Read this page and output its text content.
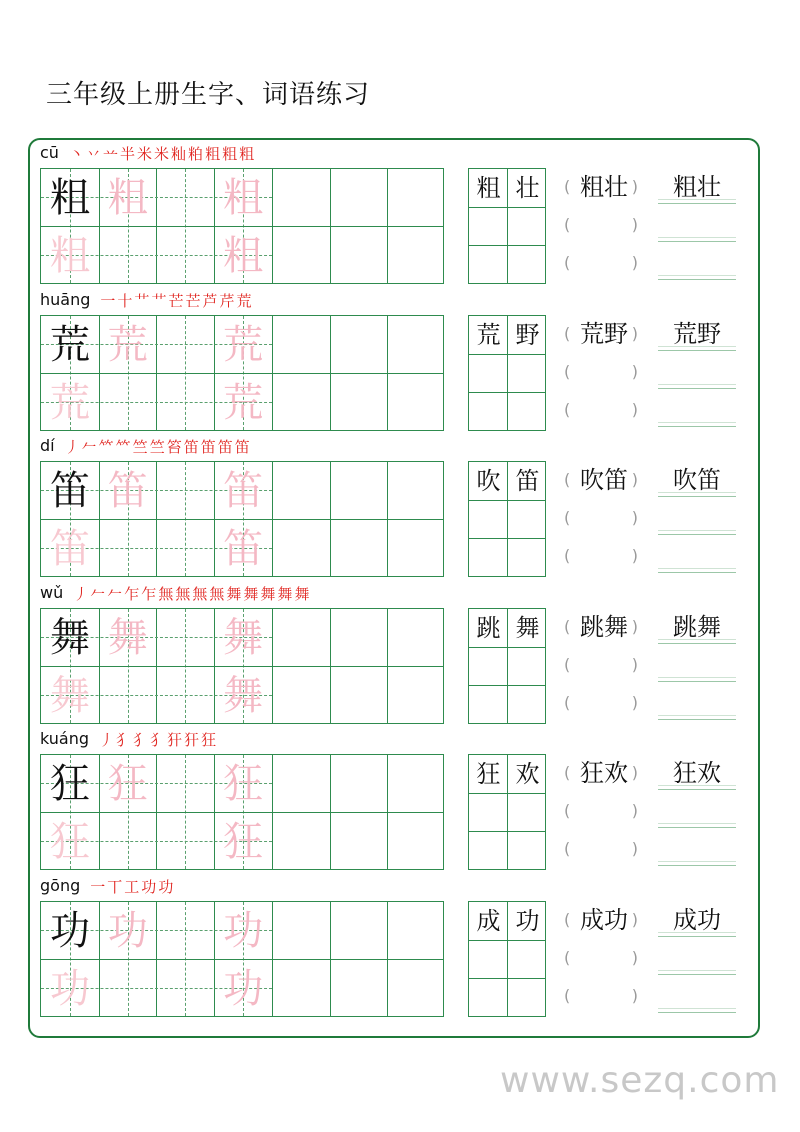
三年级上册生字、词语练习
cū 丶 丷 䒑 半 米 米 籼 粕 粗 粗 粗
粗 粗 粗
粗	粗
粗 壮	( 粗壮 )
(	)
(	)
粗壮
huāng 一 十 艹 艹 芒 芒 芦 芹 荒
荒 荒 荒
荒	荒
荒 野	( 荒野 )
(	)
(	)
荒野
dí 丿 𠂉 𥫗 𥫗 竺 竺 笞 笛 笛 笛 笛
笛 笛 笛
笛	笛
吹 笛	( 吹笛 )
(	)
(	)
吹笛
wǔ 丿 𠂉 𠂉 乍 乍 無 無 無 無 舞 舞 舞 舞 舞
舞 舞 舞
舞	舞
跳 舞	( 跳舞 )
(	)
(	)
跳舞
kuáng 丿 犭 犭 犭 犴 犴 狂
狂 狂 狂
狂	狂
狂 欢	( 狂欢 )
(	)
(	)
狂欢
gōng 一 丅 工 功 功
功 功 功
功	功
成 功	( 成功 )
(	)
(	)
成功
www.sezq.com
